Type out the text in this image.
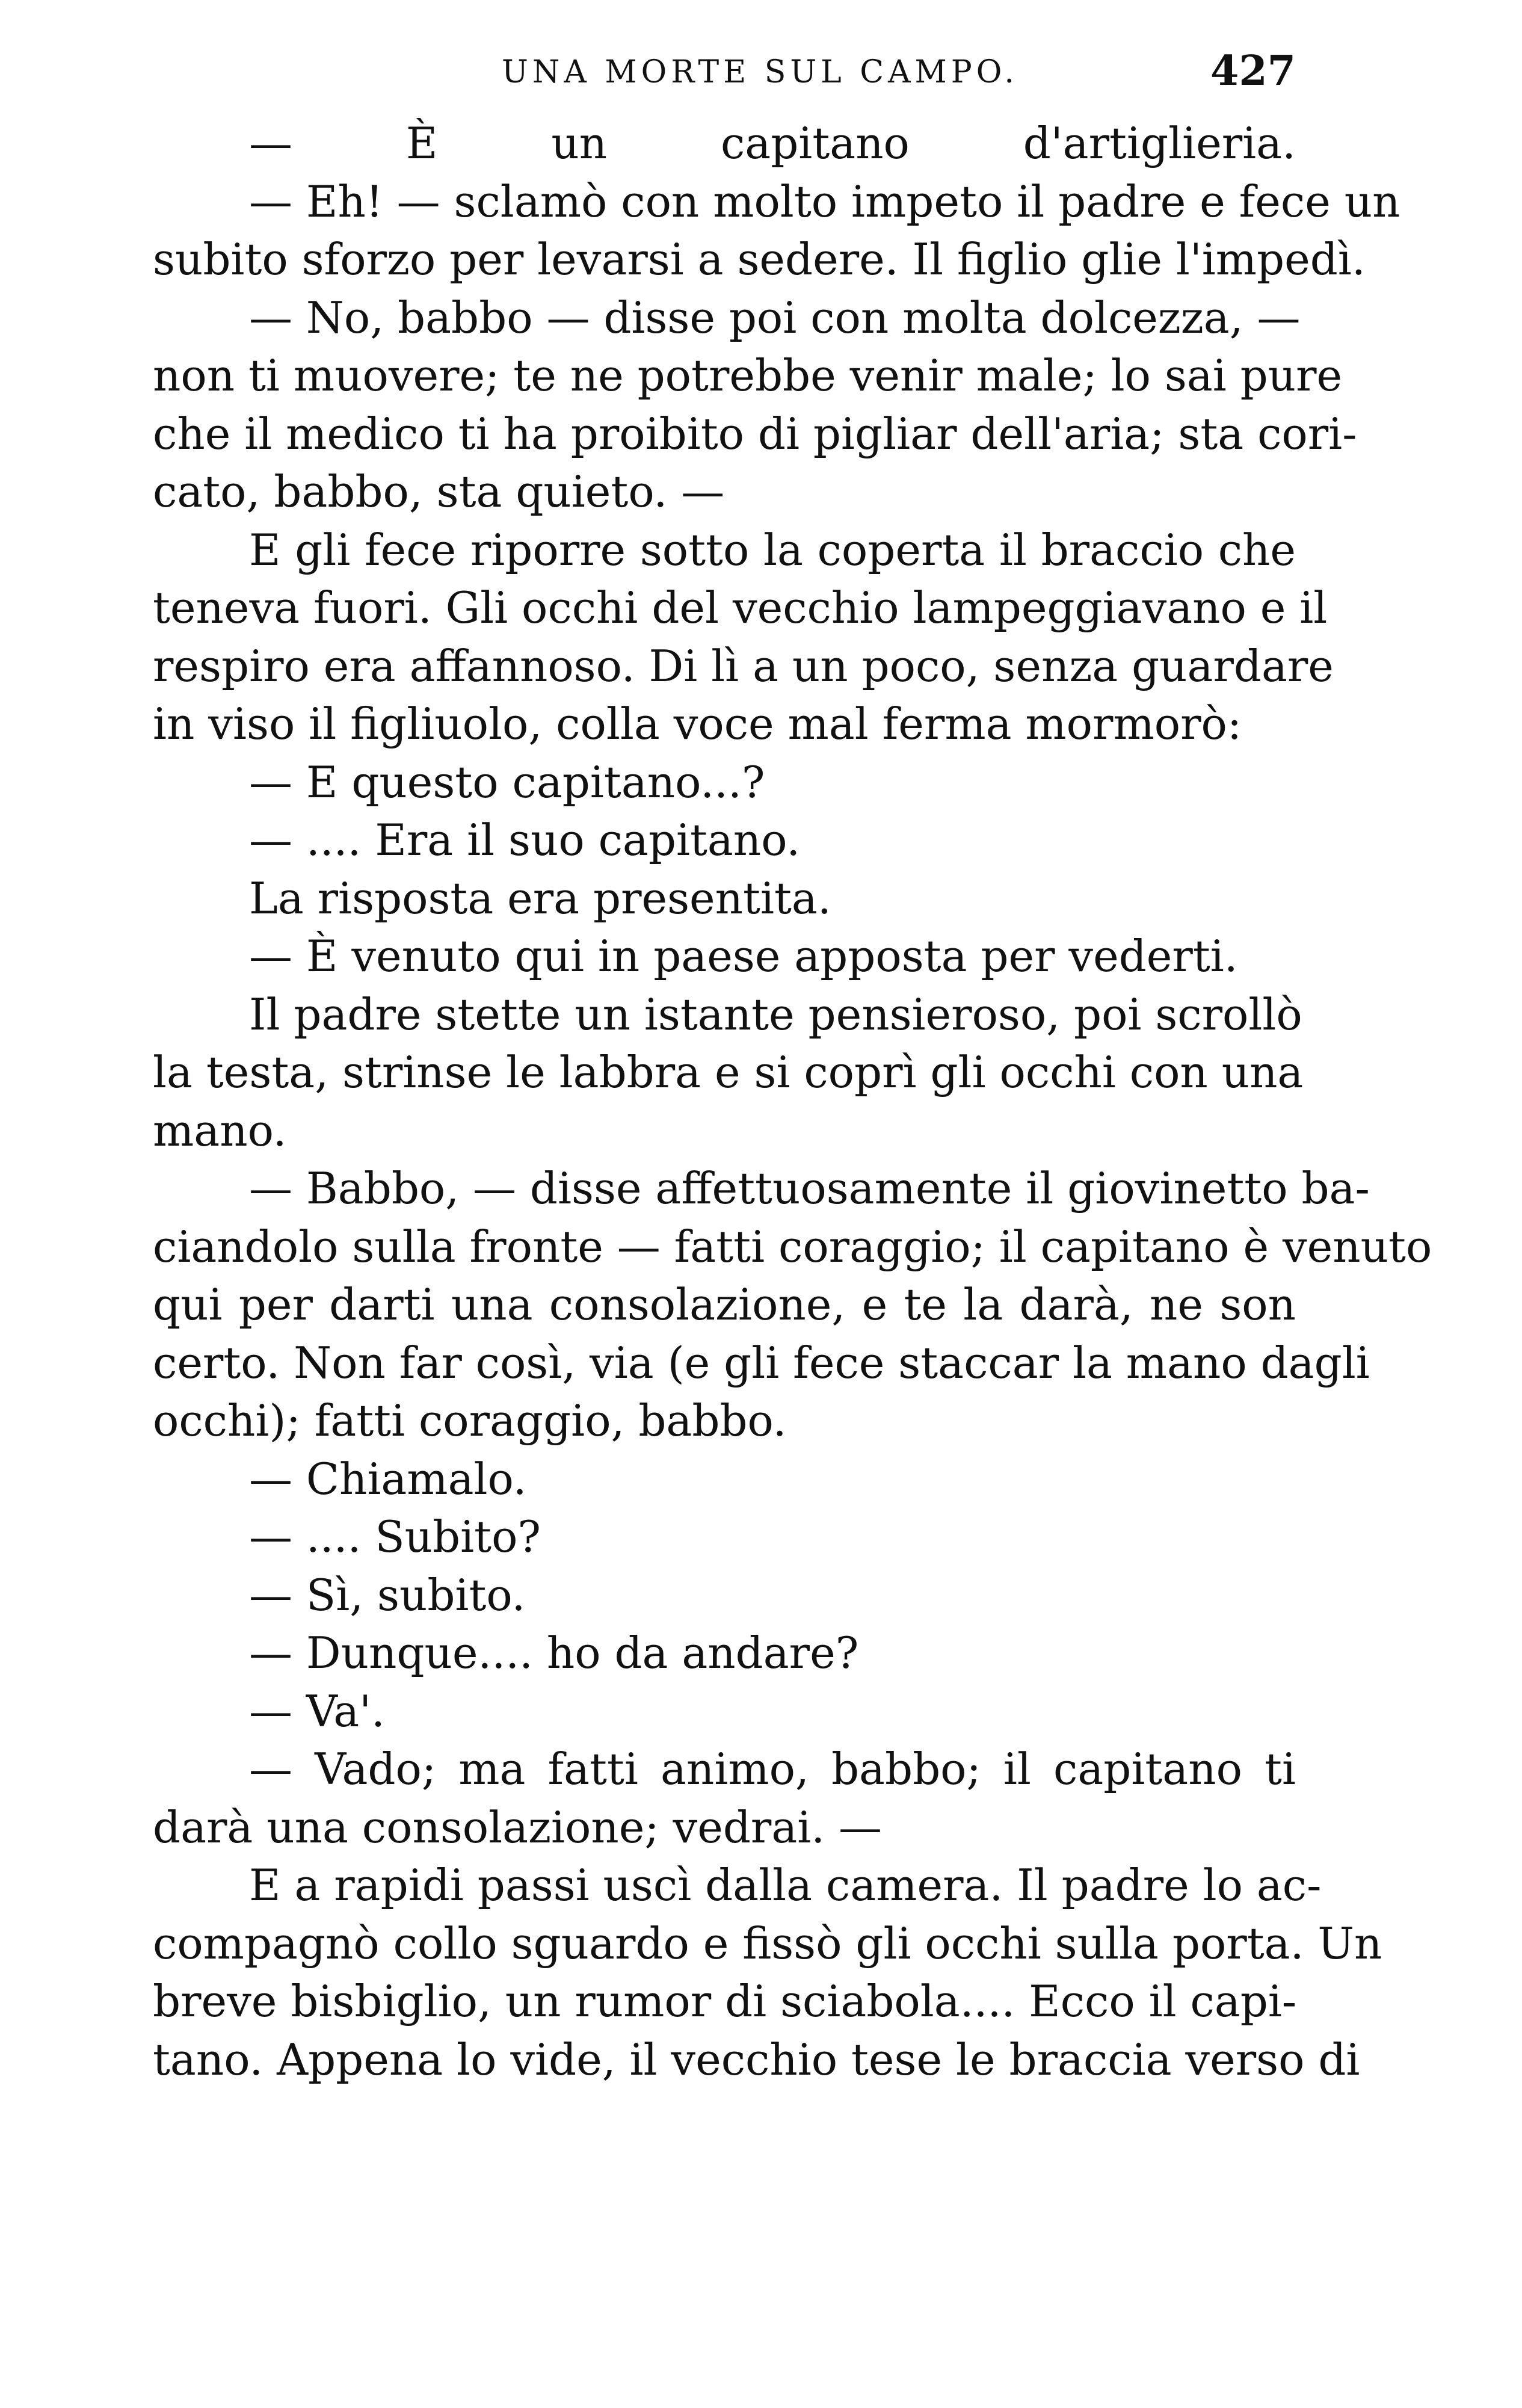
UNA MORTE SUL CAMPO.	427
— È un capitano d'artiglieria.
— Eh! — sclamò con molto impeto il padre e fece un
subito sforzo per levarsi a sedere. Il figlio glie l'impedì.
— No, babbo — disse poi con molta dolcezza, —
non ti muovere; te ne potrebbe venir male; lo sai pure
che il medico ti ha proibito di pigliar dell'aria; sta cori-
cato, babbo, sta quieto. —
E gli fece riporre sotto la coperta il braccio che
teneva fuori. Gli occhi del vecchio lampeggiavano e il
respiro era affannoso. Di lì a un poco, senza guardare
in viso il figliuolo, colla voce mal ferma mormorò:
— E questo capitano...?
— .... Era il suo capitano.
La risposta era presentita.
— È venuto qui in paese apposta per vederti.
Il padre stette un istante pensieroso, poi scrollò
la testa, strinse le labbra e si coprì gli occhi con una
mano.
— Babbo, — disse affettuosamente il giovinetto ba-
ciandolo sulla fronte — fatti coraggio; il capitano è venuto
qui per darti una consolazione, e te la darà, ne son
certo. Non far così, via (e gli fece staccar la mano dagli
occhi); fatti coraggio, babbo.
— Chiamalo.
— .... Subito?
— Sì, subito.
— Dunque.... ho da andare?
— Va'.
— Vado; ma fatti animo, babbo; il capitano ti
darà una consolazione; vedrai. —
E a rapidi passi uscì dalla camera. Il padre lo ac-
compagnò collo sguardo e fissò gli occhi sulla porta. Un
breve bisbiglio, un rumor di sciabola.... Ecco il capi-
tano. Appena lo vide, il vecchio tese le braccia verso di
